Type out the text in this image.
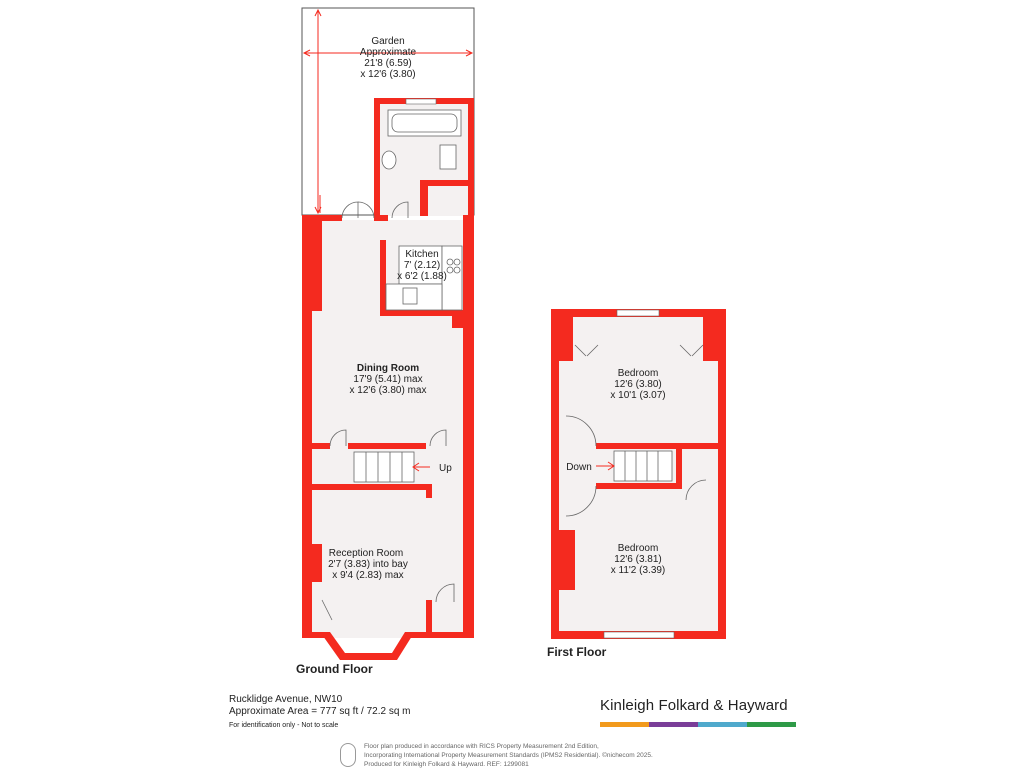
Garden
Approximate
21'8 (6.59)
x 12'6 (3.80)
Kitchen
7' (2.12)
x 6'2 (1.88)
Dining Room
17'9 (5.41) max
x 12'6 (3.80) max
Up
Reception Room
2'7 (3.83) into bay
x 9'4 (2.83) max
Bedroom
12'6 (3.80)
x 10'1 (3.07)
Down
Bedroom
12'6 (3.81)
x 11'2 (3.39)
Ground Floor
First Floor
Rucklidge Avenue, NW10
Approximate Area = 777 sq ft / 72.2 sq m
For identification only - Not to scale
Kinleigh Folkard & Hayward
Floor plan produced in accordance with RICS Property Measurement 2nd Edition,
Incorporating International Property Measurement Standards (IPMS2 Residential). ©nichecom 2025.
Produced for Kinleigh Folkard & Hayward. REF: 1299081
